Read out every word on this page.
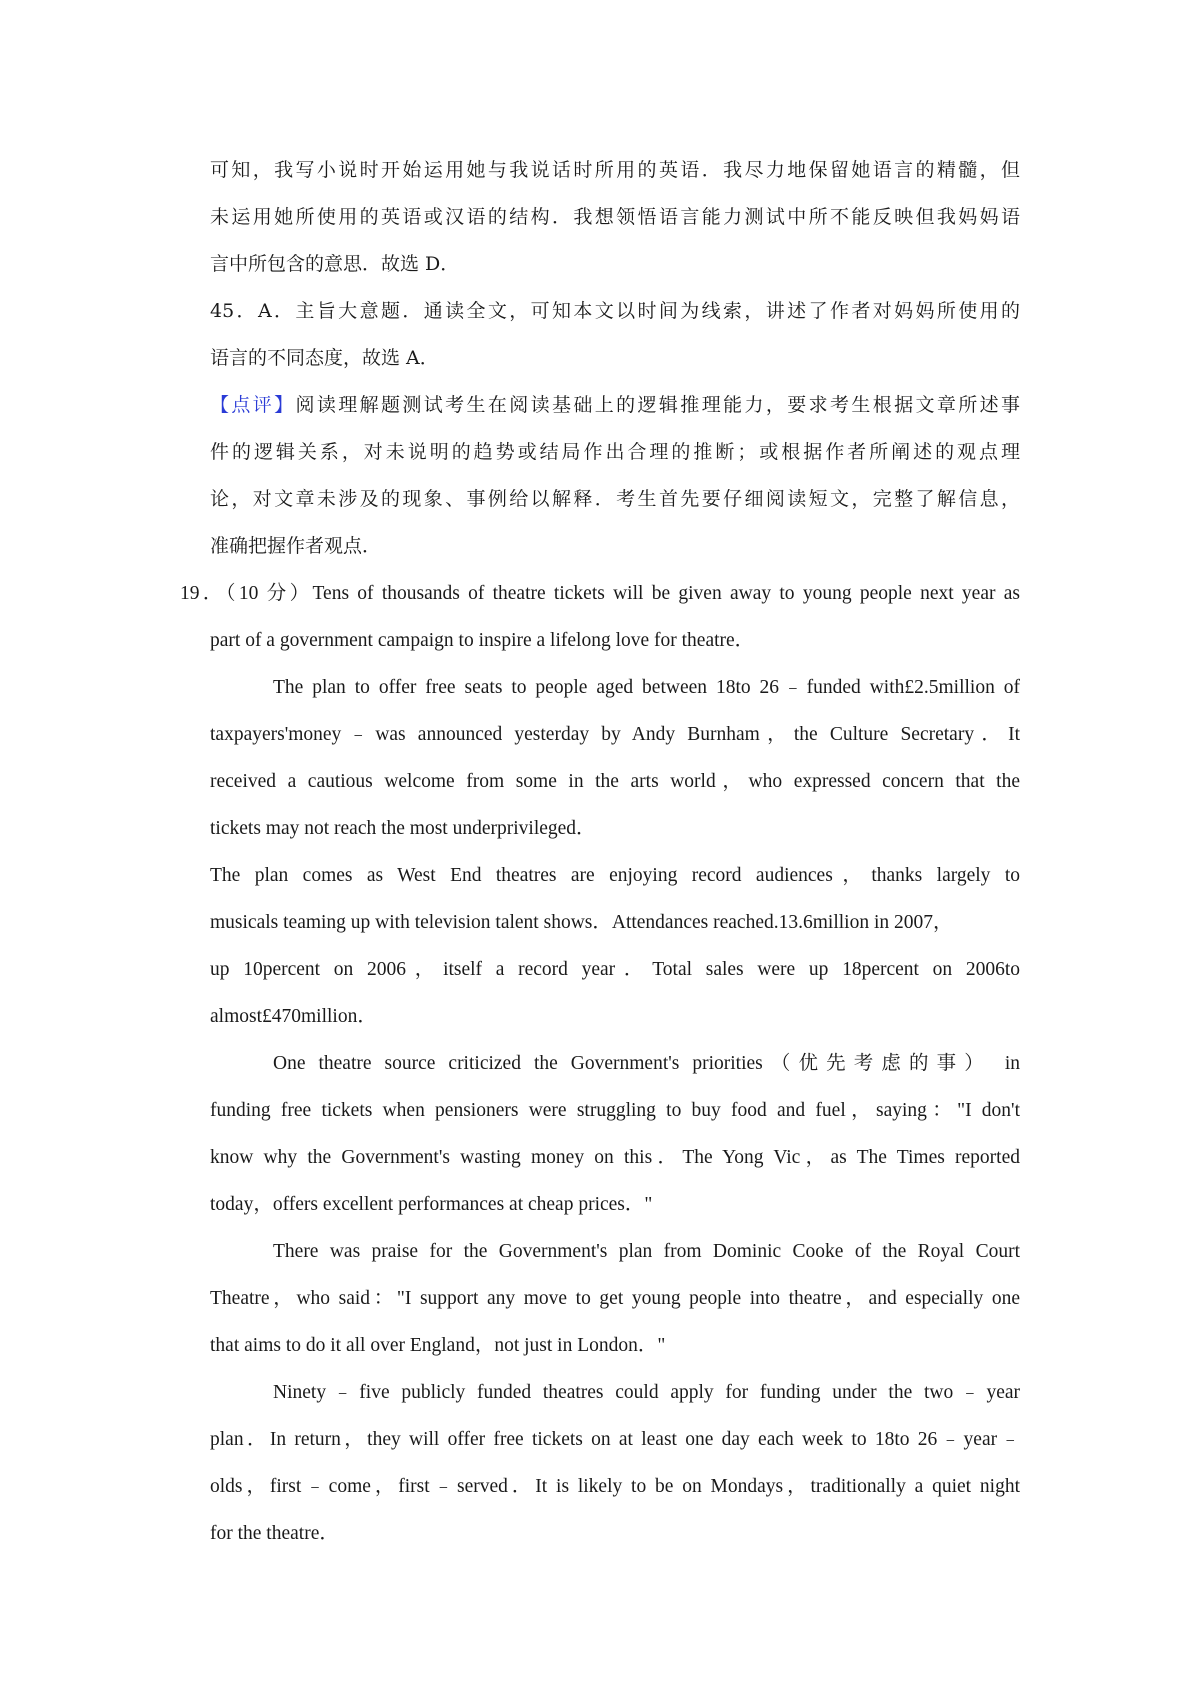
可知，我写小说时开始运用她与我说话时所用的英语．我尽力地保留她语言的精髓，但
未运用她所使用的英语或汉语的结构．我想领悟语言能力测试中所不能反映但我妈妈语
言中所包含的意思．故选 D．
45．A．主旨大意题．通读全文，可知本文以时间为线索，讲述了作者对妈妈所使用的
语言的不同态度，故选 A．
【点评】阅读理解题测试考生在阅读基础上的逻辑推理能力，要求考生根据文章所述事
件的逻辑关系，对未说明的趋势或结局作出合理的推断；或根据作者所阐述的观点理
论，对文章未涉及的现象、事例给以解释．考生首先要仔细阅读短文，完整了解信息，
准确把握作者观点．
19．（10 分）Tens of thousands of theatre tickets will be given away to young people next year as
part of a government campaign to inspire a lifelong love for theatre．
The plan to offer free seats to people aged between 18to 26﹣funded with£2.5million of
taxpayers'money﹣was announced yesterday by Andy Burnham，the Culture Secretary．It
received a cautious welcome from some in the arts world，who expressed concern that the
tickets may not reach the most underprivileged．
The plan comes as West End theatres are enjoying record audiences，thanks largely to
musicals teaming up with television talent shows．Attendances reached.13.6million in 2007，
up 10percent on 2006，itself a record year．Total sales were up 18percent on 2006to
almost£470million．
One theatre source criticized the Government's priorities（优先考虑的事） in
funding free tickets when pensioners were struggling to buy food and fuel，saying："I don't
know why the Government's wasting money on this．The Yong Vic，as The Times reported
today，offers excellent performances at cheap prices．"
There was praise for the Government's plan from Dominic Cooke of the Royal Court
Theatre，who said："I support any move to get young people into theatre，and especially one
that aims to do it all over England，not just in London．"
Ninety﹣five publicly funded theatres could apply for funding under the two﹣year
plan．In return，they will offer free tickets on at least one day each week to 18to 26﹣year﹣
olds，first﹣come，first﹣served．It is likely to be on Mondays，traditionally a quiet night
for the theatre．
